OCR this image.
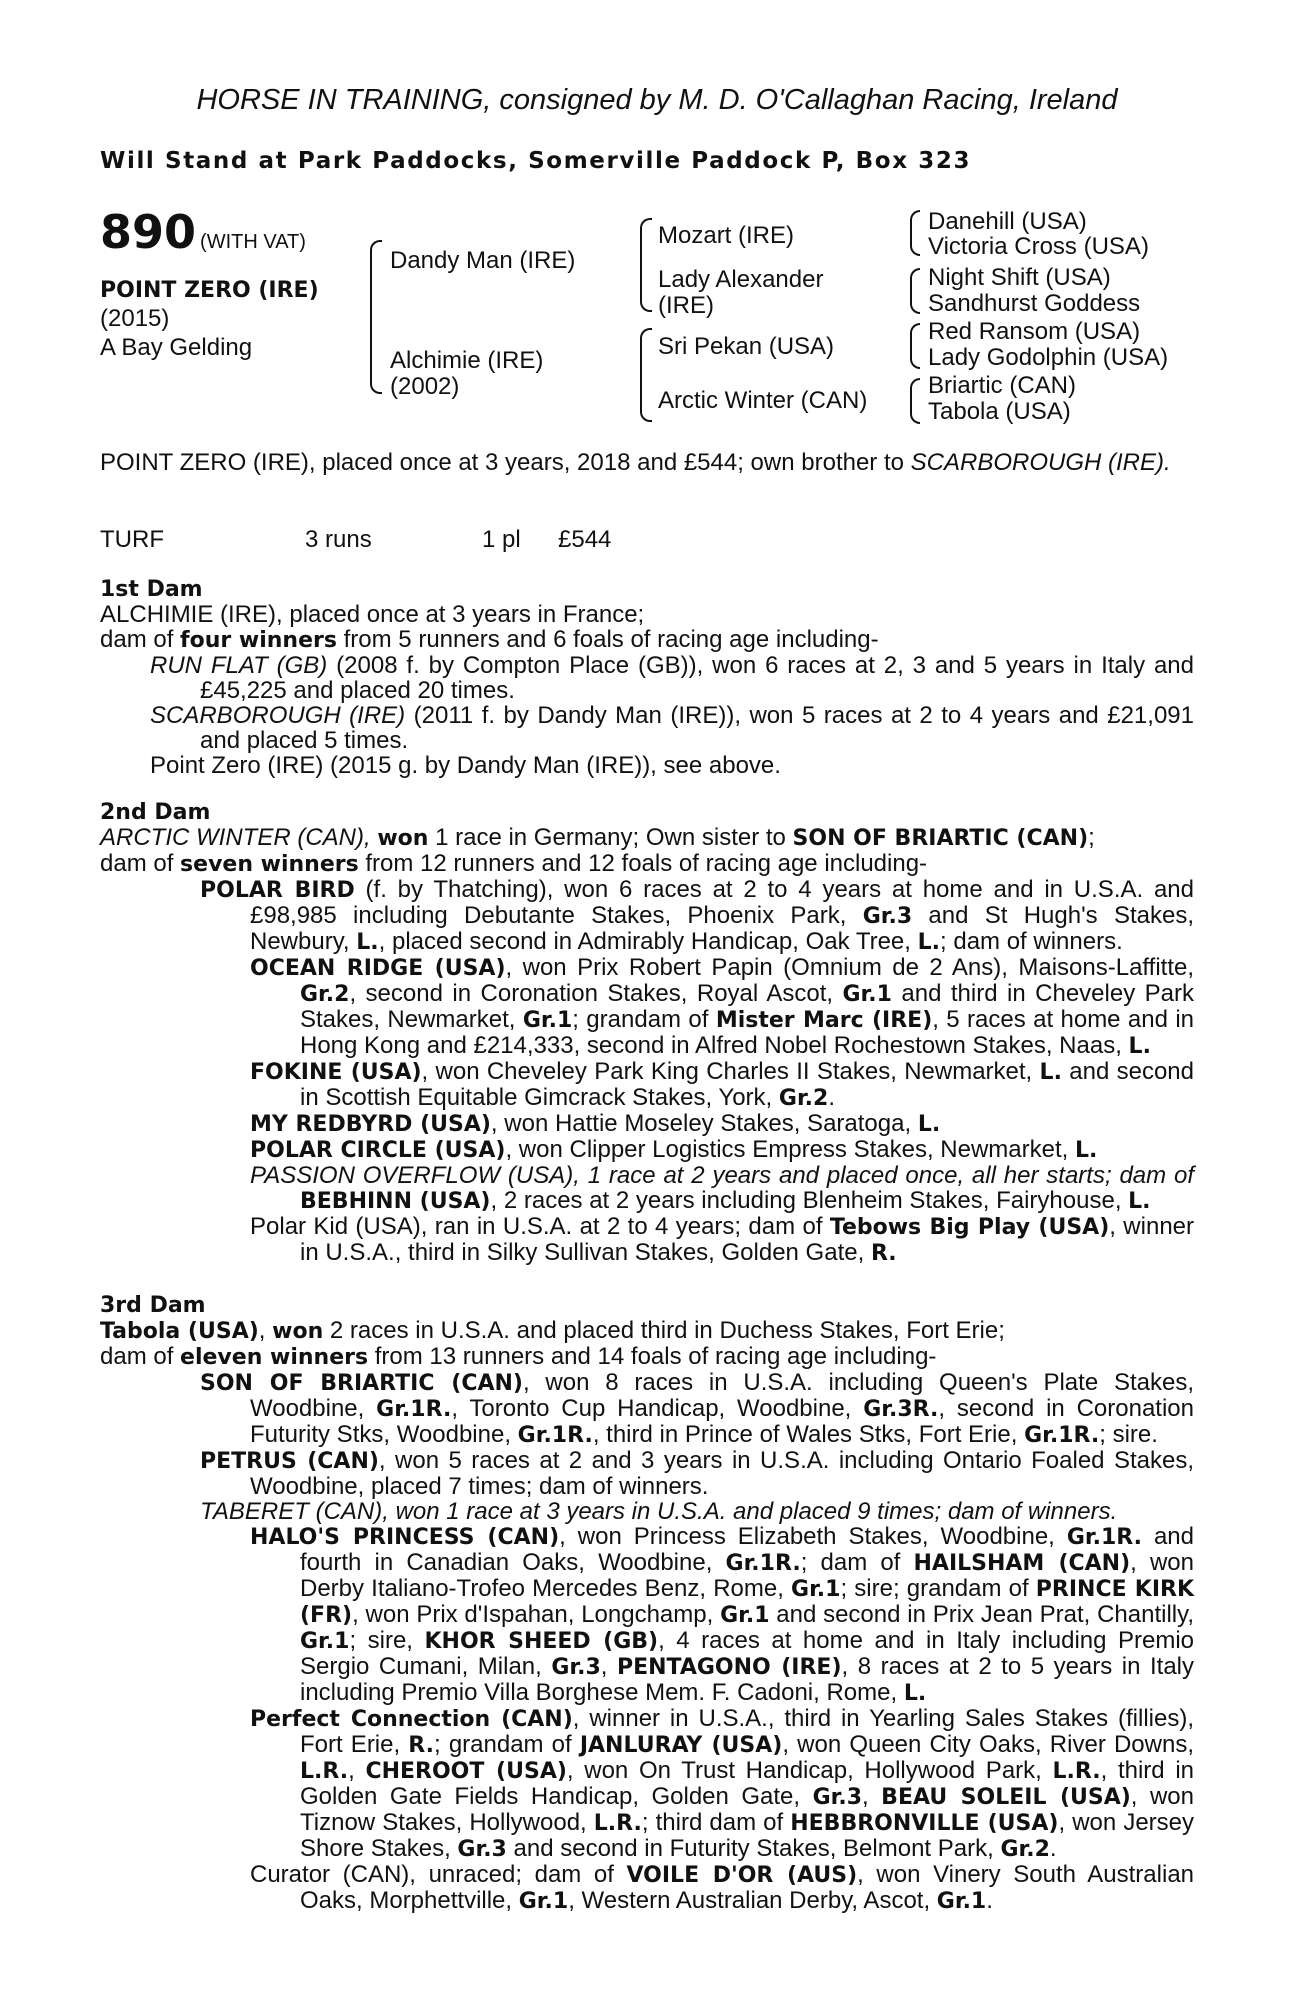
HORSE IN TRAINING, consigned by M. D. O'Callaghan Racing, Ireland
Will Stand at Park Paddocks, Somerville Paddock P, Box 323
890 (WITH VAT)
POINT ZERO (IRE)
(2015)
A Bay Gelding
Dandy Man (IRE)
Alchimie (IRE)
(2002)
Mozart (IRE)
Lady Alexander
(IRE)
Sri Pekan (USA)
Arctic Winter (CAN)
Danehill (USA)
Victoria Cross (USA)
Night Shift (USA)
Sandhurst Goddess
Red Ransom (USA)
Lady Godolphin (USA)
Briartic (CAN)
Tabola (USA)

POINT ZERO (IRE), placed once at 3 years, 2018 and £544; own brother to SCARBOROUGH (IRE).

TURF	3 runs	1 pl £544
1st Dam

ALCHIMIE (IRE), placed once at 3 years in France;

dam of four winners from 5 runners and 6 foals of racing age including-

RUN FLAT (GB) (2008 f. by Compton Place (GB)), won 6 races at 2, 3 and 5 years in Italy and £45,225 and placed 20 times.

SCARBOROUGH (IRE) (2011 f. by Dandy Man (IRE)), won 5 races at 2 to 4 years and £21,091 and placed 5 times.

Point Zero (IRE) (2015 g. by Dandy Man (IRE)), see above.

2nd Dam

ARCTIC WINTER (CAN), won 1 race in Germany; Own sister to SON OF BRIARTIC (CAN);

dam of seven winners from 12 runners and 12 foals of racing age including-

POLAR BIRD (f. by Thatching), won 6 races at 2 to 4 years at home and in U.S.A. and £98,985 including Debutante Stakes, Phoenix Park, Gr.3 and St Hugh's Stakes, Newbury, L., placed second in Admirably Handicap, Oak Tree, L.; dam of winners.

OCEAN RIDGE (USA), won Prix Robert Papin (Omnium de 2 Ans), Maisons-Laffitte, Gr.2, second in Coronation Stakes, Royal Ascot, Gr.1 and third in Cheveley Park Stakes, Newmarket, Gr.1; grandam of Mister Marc (IRE), 5 races at home and in Hong Kong and £214,333, second in Alfred Nobel Rochestown Stakes, Naas, L.

FOKINE (USA), won Cheveley Park King Charles II Stakes, Newmarket, L. and second in Scottish Equitable Gimcrack Stakes, York, Gr.2.

MY REDBYRD (USA), won Hattie Moseley Stakes, Saratoga, L.

POLAR CIRCLE (USA), won Clipper Logistics Empress Stakes, Newmarket, L.

PASSION OVERFLOW (USA), 1 race at 2 years and placed once, all her starts; dam of BEBHINN (USA), 2 races at 2 years including Blenheim Stakes, Fairyhouse, L.

Polar Kid (USA), ran in U.S.A. at 2 to 4 years; dam of Tebows Big Play (USA), winner in U.S.A., third in Silky Sullivan Stakes, Golden Gate, R.

3rd Dam

Tabola (USA), won 2 races in U.S.A. and placed third in Duchess Stakes, Fort Erie;

dam of eleven winners from 13 runners and 14 foals of racing age including-

SON OF BRIARTIC (CAN), won 8 races in U.S.A. including Queen's Plate Stakes, Woodbine, Gr.1R., Toronto Cup Handicap, Woodbine, Gr.3R., second in Coronation Futurity Stks, Woodbine, Gr.1R., third in Prince of Wales Stks, Fort Erie, Gr.1R.; sire.

PETRUS (CAN), won 5 races at 2 and 3 years in U.S.A. including Ontario Foaled Stakes, Woodbine, placed 7 times; dam of winners.

TABERET (CAN), won 1 race at 3 years in U.S.A. and placed 9 times; dam of winners.

HALO'S PRINCESS (CAN), won Princess Elizabeth Stakes, Woodbine, Gr.1R. and fourth in Canadian Oaks, Woodbine, Gr.1R.; dam of HAILSHAM (CAN), won Derby Italiano-Trofeo Mercedes Benz, Rome, Gr.1; sire; grandam of PRINCE KIRK (FR), won Prix d'Ispahan, Longchamp, Gr.1 and second in Prix Jean Prat, Chantilly, Gr.1; sire, KHOR SHEED (GB), 4 races at home and in Italy including Premio Sergio Cumani, Milan, Gr.3, PENTAGONO (IRE), 8 races at 2 to 5 years in Italy including Premio Villa Borghese Mem. F. Cadoni, Rome, L.

Perfect Connection (CAN), winner in U.S.A., third in Yearling Sales Stakes (fillies), Fort Erie, R.; grandam of JANLURAY (USA), won Queen City Oaks, River Downs, L.R., CHEROOT (USA), won On Trust Handicap, Hollywood Park, L.R., third in Golden Gate Fields Handicap, Golden Gate, Gr.3, BEAU SOLEIL (USA), won Tiznow Stakes, Hollywood, L.R.; third dam of HEBBRONVILLE (USA), won Jersey Shore Stakes, Gr.3 and second in Futurity Stakes, Belmont Park, Gr.2.

Curator (CAN), unraced; dam of VOILE D'OR (AUS), won Vinery South Australian Oaks, Morphettville, Gr.1, Western Australian Derby, Ascot, Gr.1.
